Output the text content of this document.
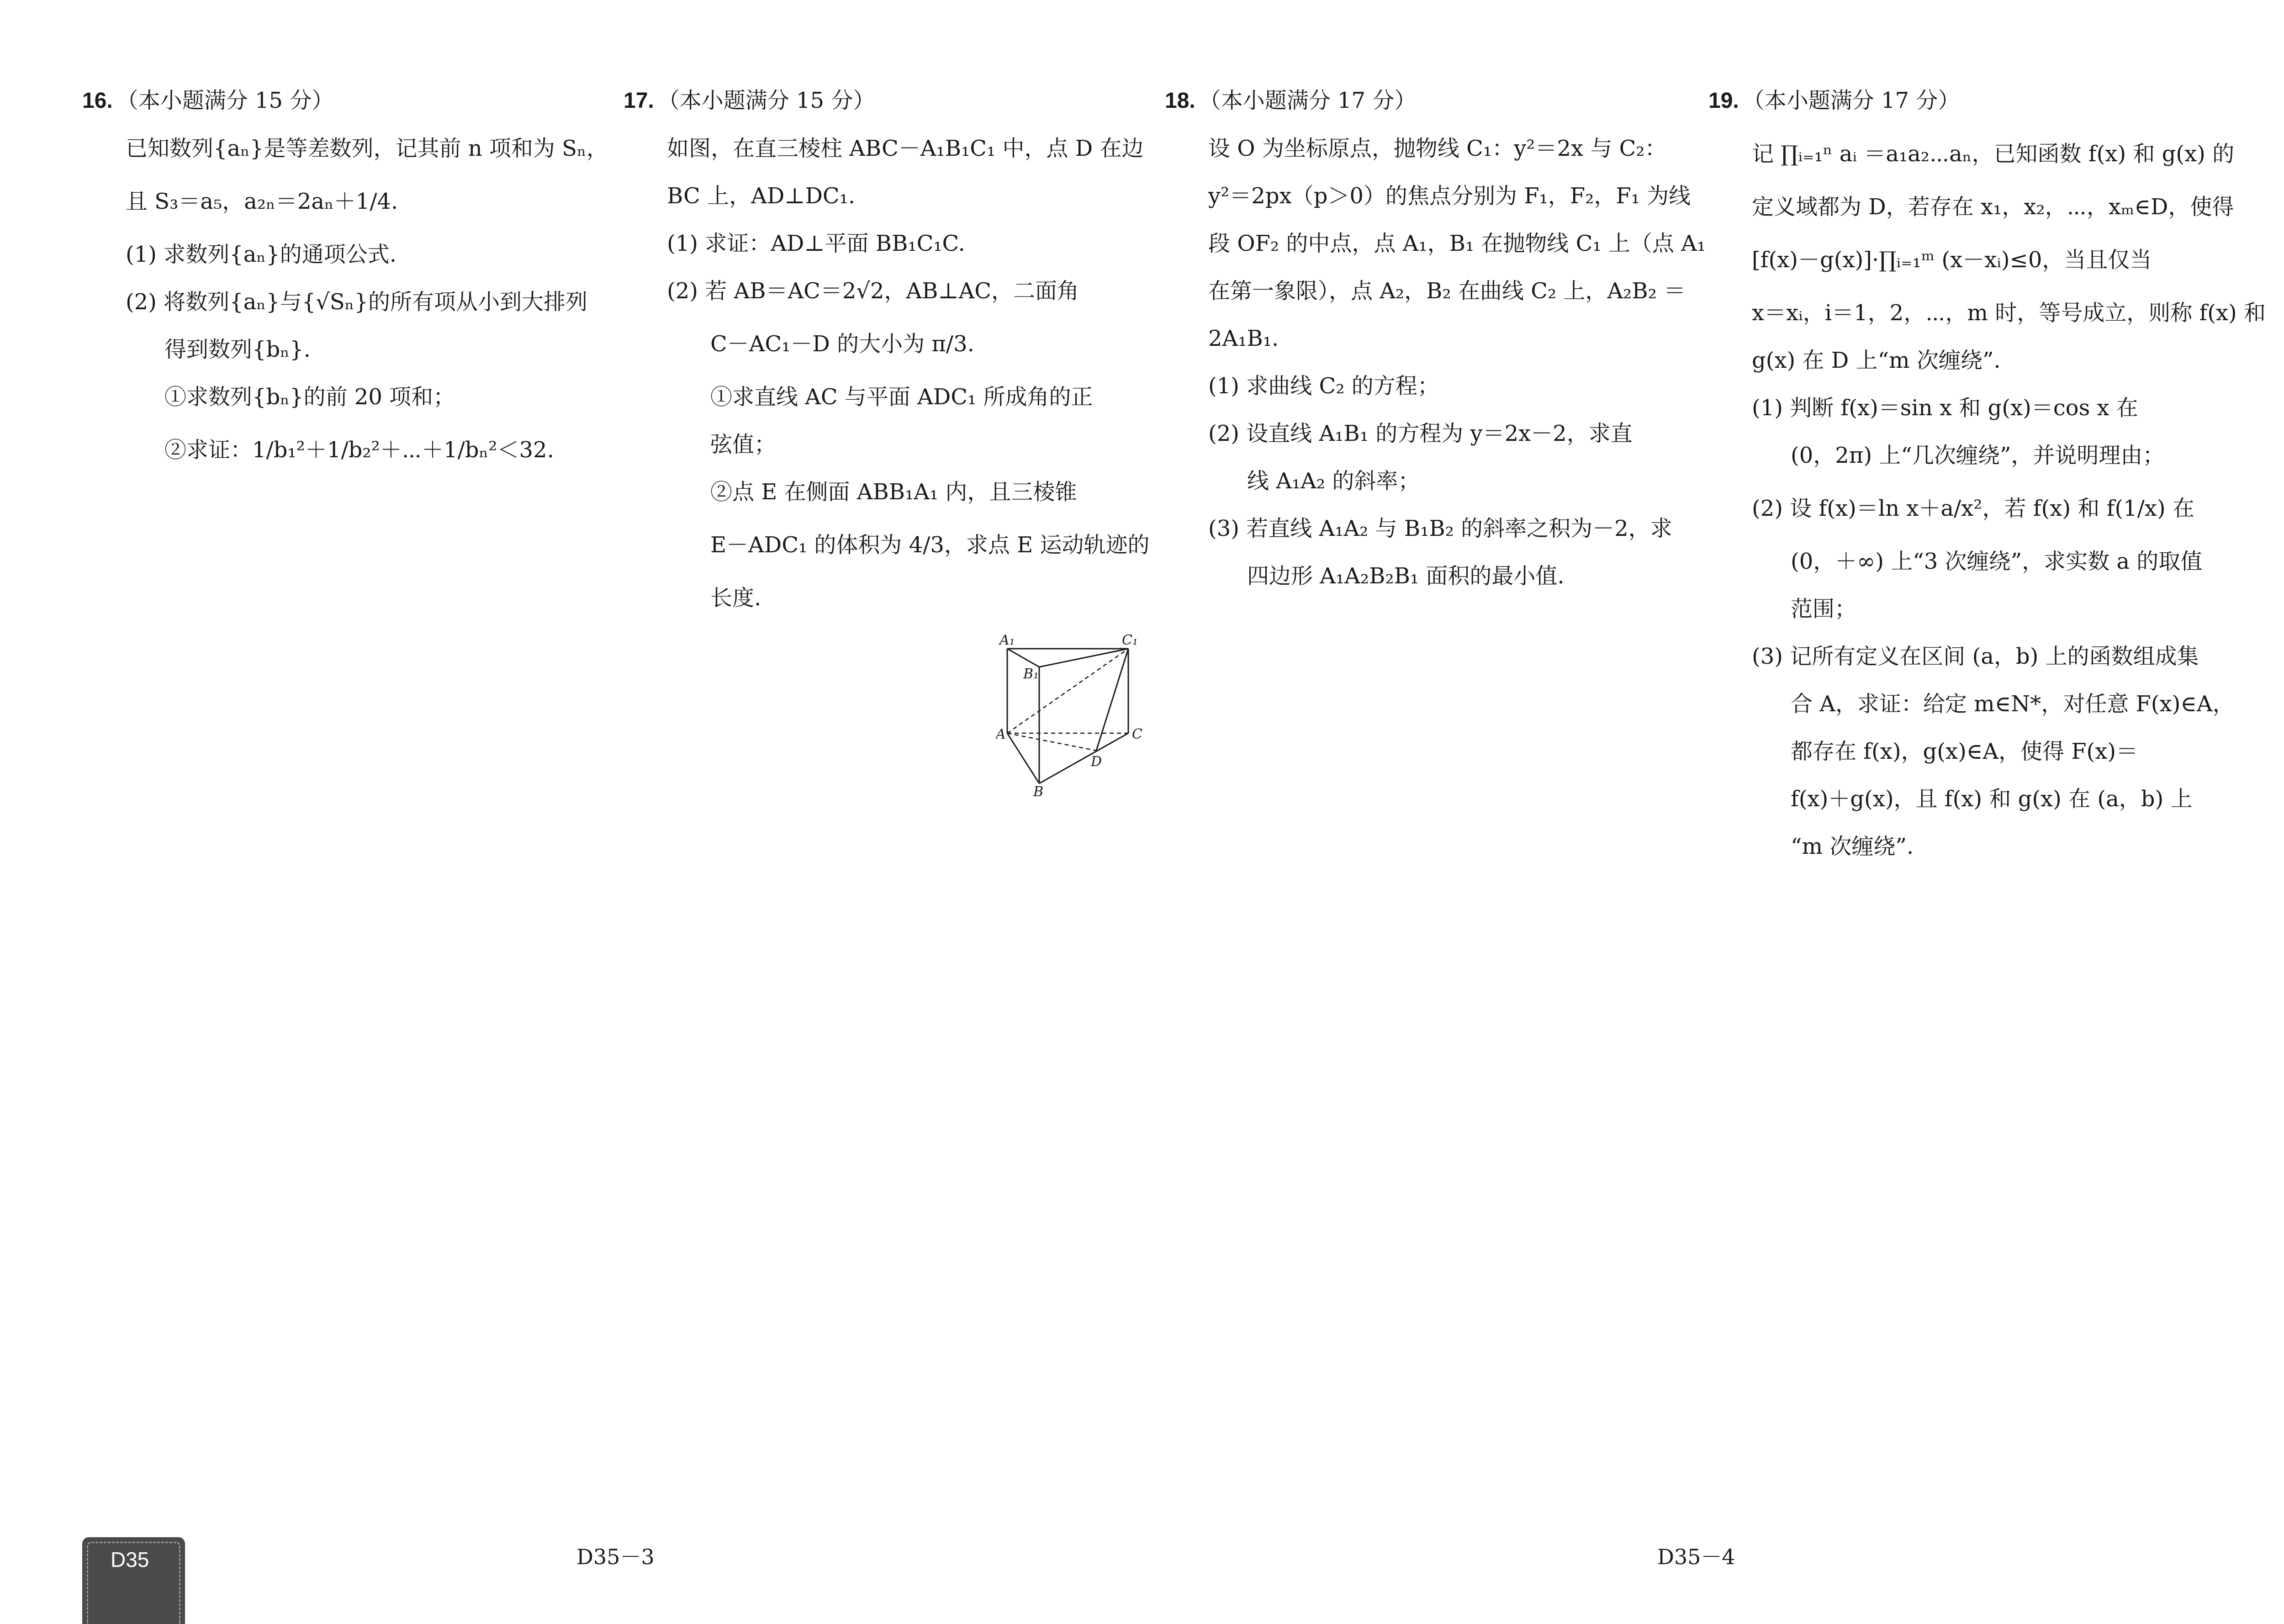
16. （本小题满分 15 分）
已知数列{aₙ}是等差数列，记其前 n 项和为 Sₙ，
且 S₃＝a₅，a₂ₙ＝2aₙ＋1/4.
(1) 求数列{aₙ}的通项公式.
(2) 将数列{aₙ}与{√Sₙ}的所有项从小到大排列
得到数列{bₙ}.
①求数列{bₙ}的前 20 项和；
②求证：1/b₁²＋1/b₂²＋⋯＋1/bₙ²＜32.
17. （本小题满分 15 分）
如图，在直三棱柱 ABC－A₁B₁C₁ 中，点 D 在边
BC 上，AD⊥DC₁.
(1) 求证：AD⊥平面 BB₁C₁C.
(2) 若 AB＝AC＝2√2，AB⊥AC，二面角
C－AC₁－D 的大小为 π/3.
①求直线 AC 与平面 ADC₁ 所成角的正
弦值；
②点 E 在侧面 ABB₁A₁ 内，且三棱锥
E－ADC₁ 的体积为 4/3，求点 E 运动轨迹的
长度.
A₁	C₁
B₁
A	C
D
B
18. （本小题满分 17 分）
设 O 为坐标原点，抛物线 C₁：y²＝2x 与 C₂：
y²＝2px（p＞0）的焦点分别为 F₁，F₂，F₁ 为线
段 OF₂ 的中点，点 A₁，B₁ 在抛物线 C₁ 上（点 A₁
在第一象限），点 A₂，B₂ 在曲线 C₂ 上，A₂B₂ ＝
2A₁B₁.
(1) 求曲线 C₂ 的方程；
(2) 设直线 A₁B₁ 的方程为 y＝2x－2，求直
线 A₁A₂ 的斜率；
(3) 若直线 A₁A₂ 与 B₁B₂ 的斜率之积为－2，求
四边形 A₁A₂B₂B₁ 面积的最小值.
19. （本小题满分 17 分）
记 ∏ᵢ₌₁ⁿ aᵢ ＝a₁a₂⋯aₙ，已知函数 f(x) 和 g(x) 的
定义域都为 D，若存在 x₁，x₂，⋯，xₘ∈D，使得
[f(x)－g(x)]·∏ᵢ₌₁ᵐ (x－xᵢ)≤0，当且仅当
x＝xᵢ，i＝1，2，⋯，m 时，等号成立，则称 f(x) 和
g(x) 在 D 上“m 次缠绕”.
(1) 判断 f(x)＝sin x 和 g(x)＝cos x 在
(0，2π) 上“几次缠绕”，并说明理由；
(2) 设 f(x)＝ln x＋a/x²，若 f(x) 和 f(1/x) 在
(0，＋∞) 上“3 次缠绕”，求实数 a 的取值
范围；
(3) 记所有定义在区间 (a，b) 上的函数组成集
合 A，求证：给定 m∈N*，对任意 F(x)∈A，
都存在 f(x)，g(x)∈A，使得 F(x)＝
f(x)＋g(x)，且 f(x) 和 g(x) 在 (a，b) 上
“m 次缠绕”.
D35	D35－3	D35－4
